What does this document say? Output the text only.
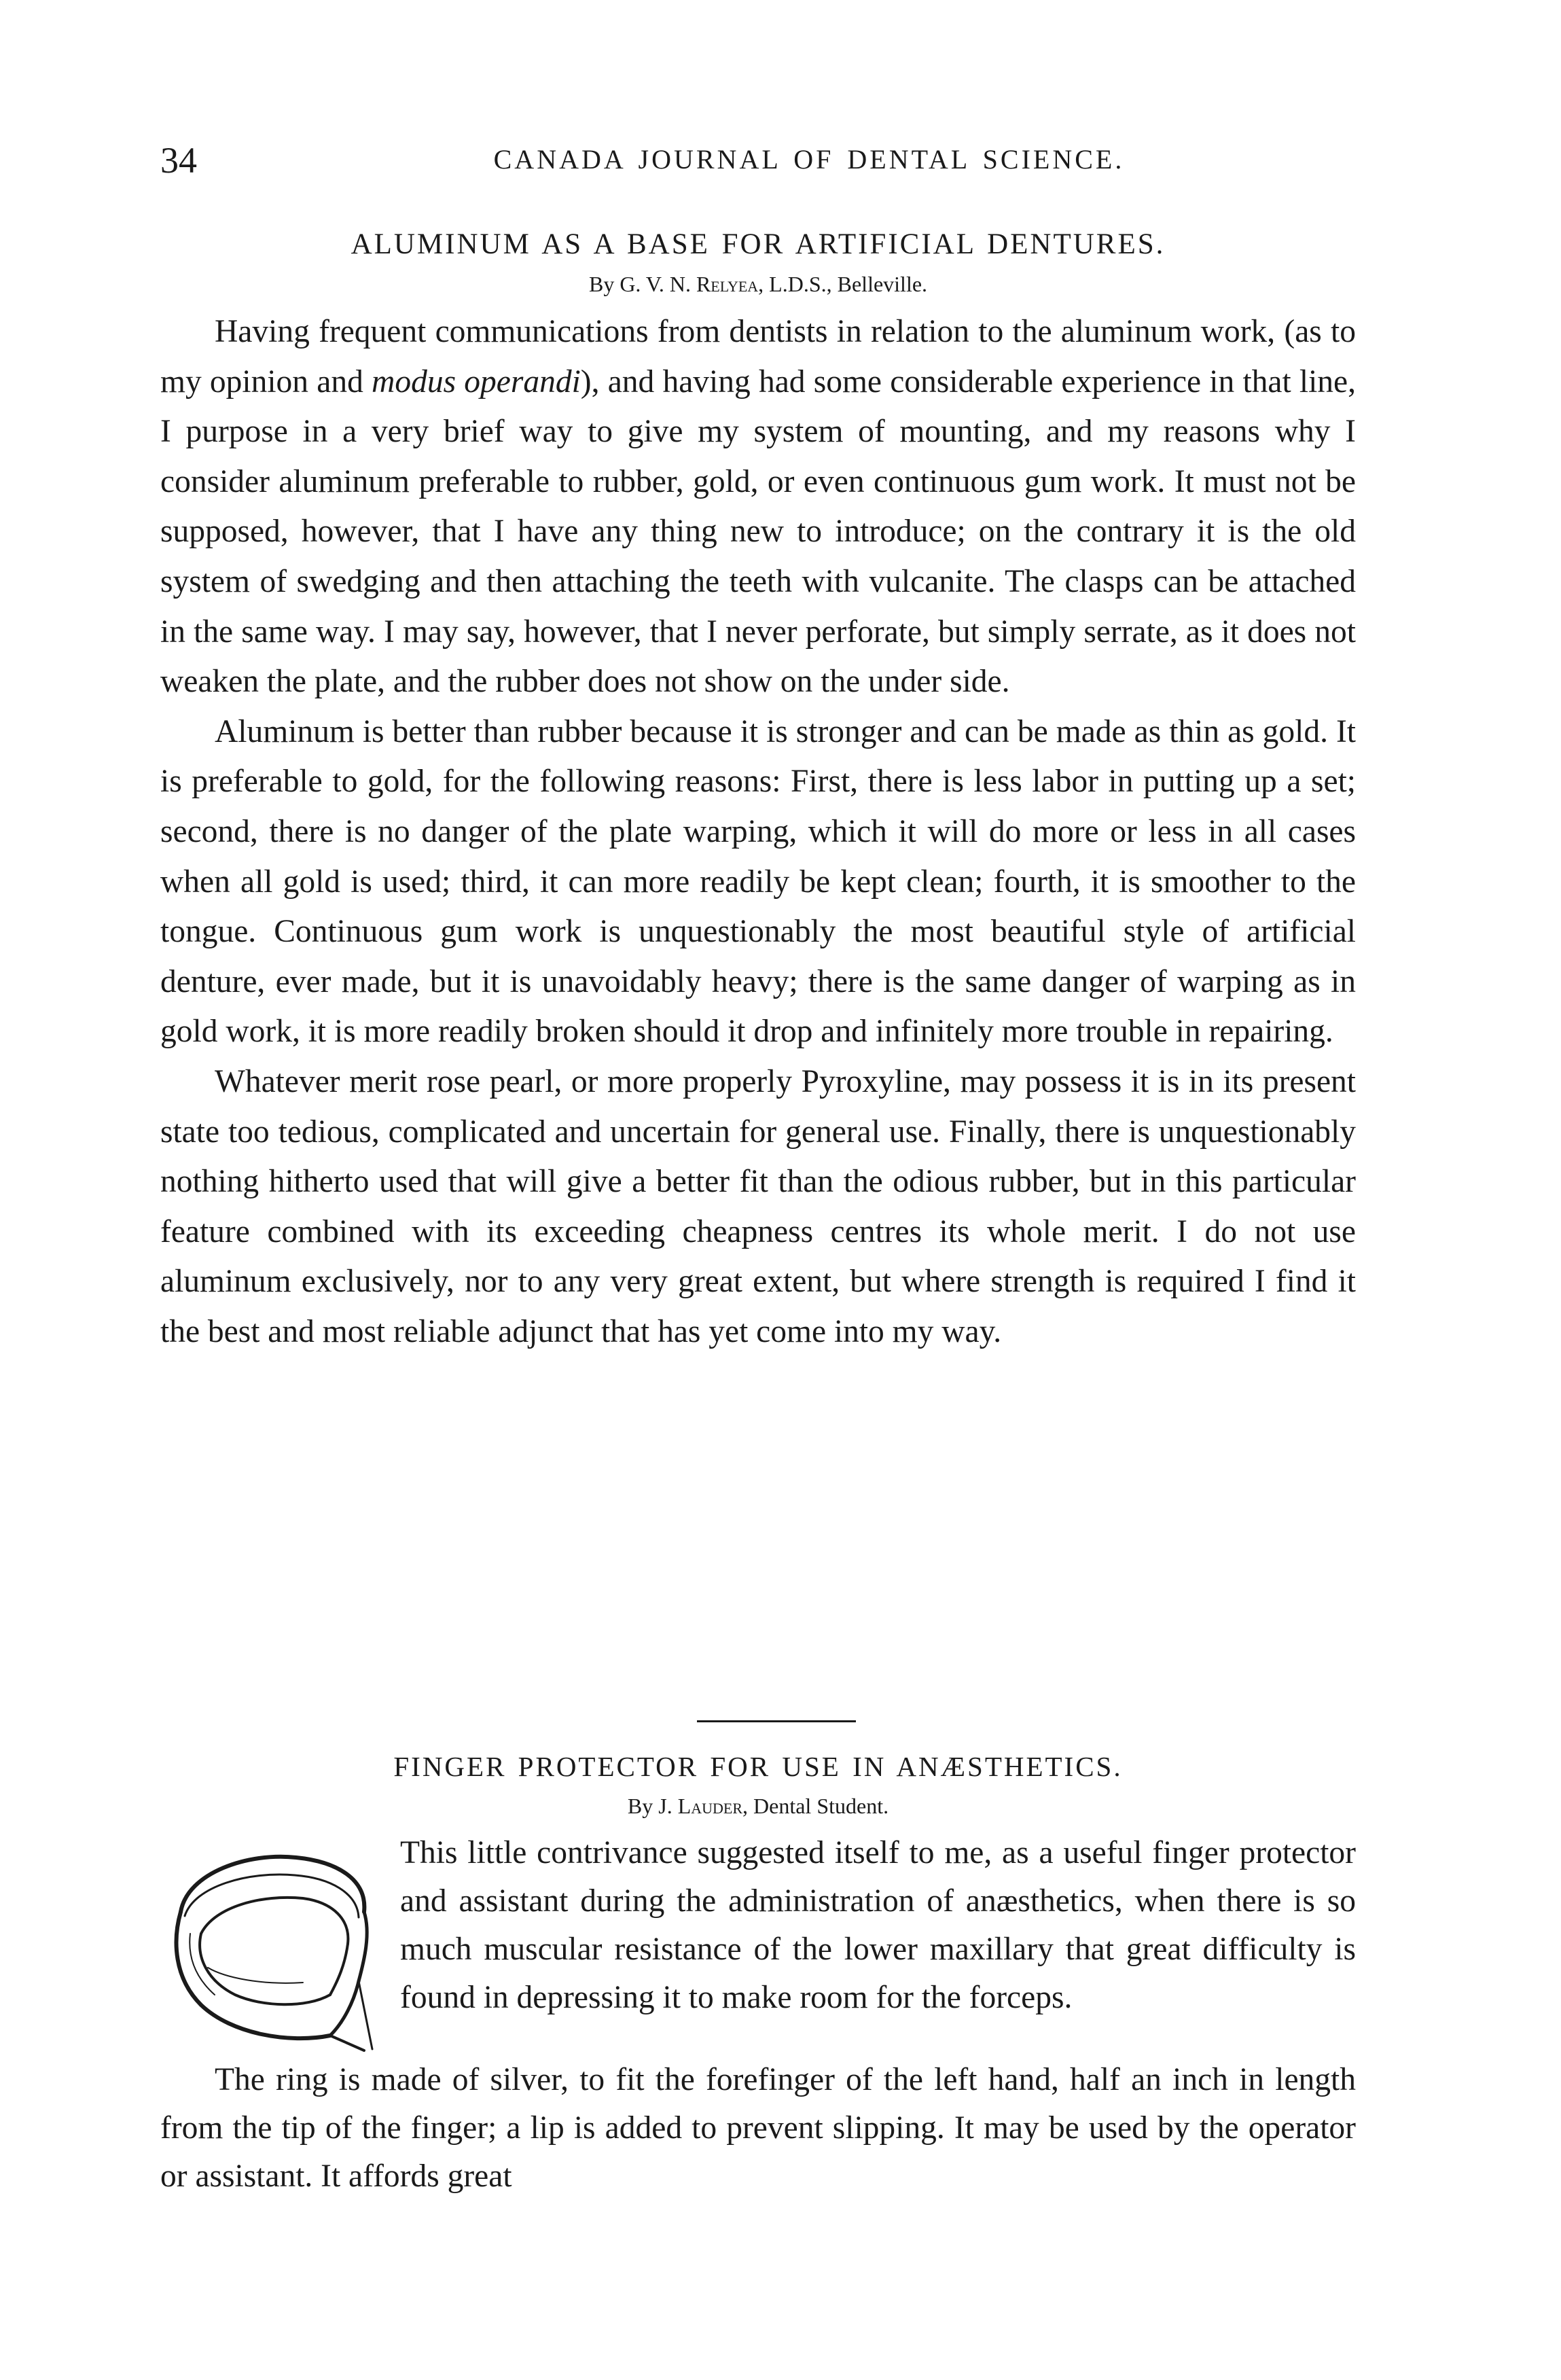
34	CANADA JOURNAL OF DENTAL SCIENCE.
ALUMINUM AS A BASE FOR ARTIFICIAL DENTURES.
By G. V. N. Relyea, L.D.S., Belleville.

Having frequent communications from dentists in relation to the aluminum work, (as to my opinion and modus operandi), and having had some considerable experience in that line, I purpose in a very brief way to give my system of mounting, and my reasons why I consider aluminum preferable to rubber, gold, or even continuous gum work. It must not be supposed, however, that I have any thing new to introduce; on the contrary it is the old system of swedging and then attaching the teeth with vulcanite. The clasps can be attached in the same way. I may say, however, that I never perforate, but simply serrate, as it does not weaken the plate, and the rubber does not show on the under side.

Aluminum is better than rubber because it is stronger and can be made as thin as gold. It is preferable to gold, for the following reasons: First, there is less labor in putting up a set; second, there is no danger of the plate warping, which it will do more or less in all cases when all gold is used; third, it can more readily be kept clean; fourth, it is smoother to the tongue. Continuous gum work is unquestionably the most beautiful style of artificial denture, ever made, but it is unavoidably heavy; there is the same danger of warping as in gold work, it is more readily broken should it drop and infinitely more trouble in repairing.

Whatever merit rose pearl, or more properly Pyroxyline, may possess it is in its present state too tedious, complicated and uncertain for general use. Finally, there is unquestionably nothing hitherto used that will give a better fit than the odious rubber, but in this particular feature combined with its exceeding cheapness centres its whole merit. I do not use aluminum exclusively, nor to any very great extent, but where strength is required I find it the best and most reliable adjunct that has yet come into my way.

FINGER PROTECTOR FOR USE IN ANÆSTHETICS.
By J. Lauder, Dental Student.

This little contrivance suggested itself to me, as a useful finger protector and assistant during the administration of anæsthetics, when there is so much muscular resistance of the lower maxillary that great difficulty is found in depressing it to make room for the forceps.

The ring is made of silver, to fit the forefinger of the left hand, half an inch in length from the tip of the finger; a lip is added to prevent slipping. It may be used by the operator or assistant. It affords great
